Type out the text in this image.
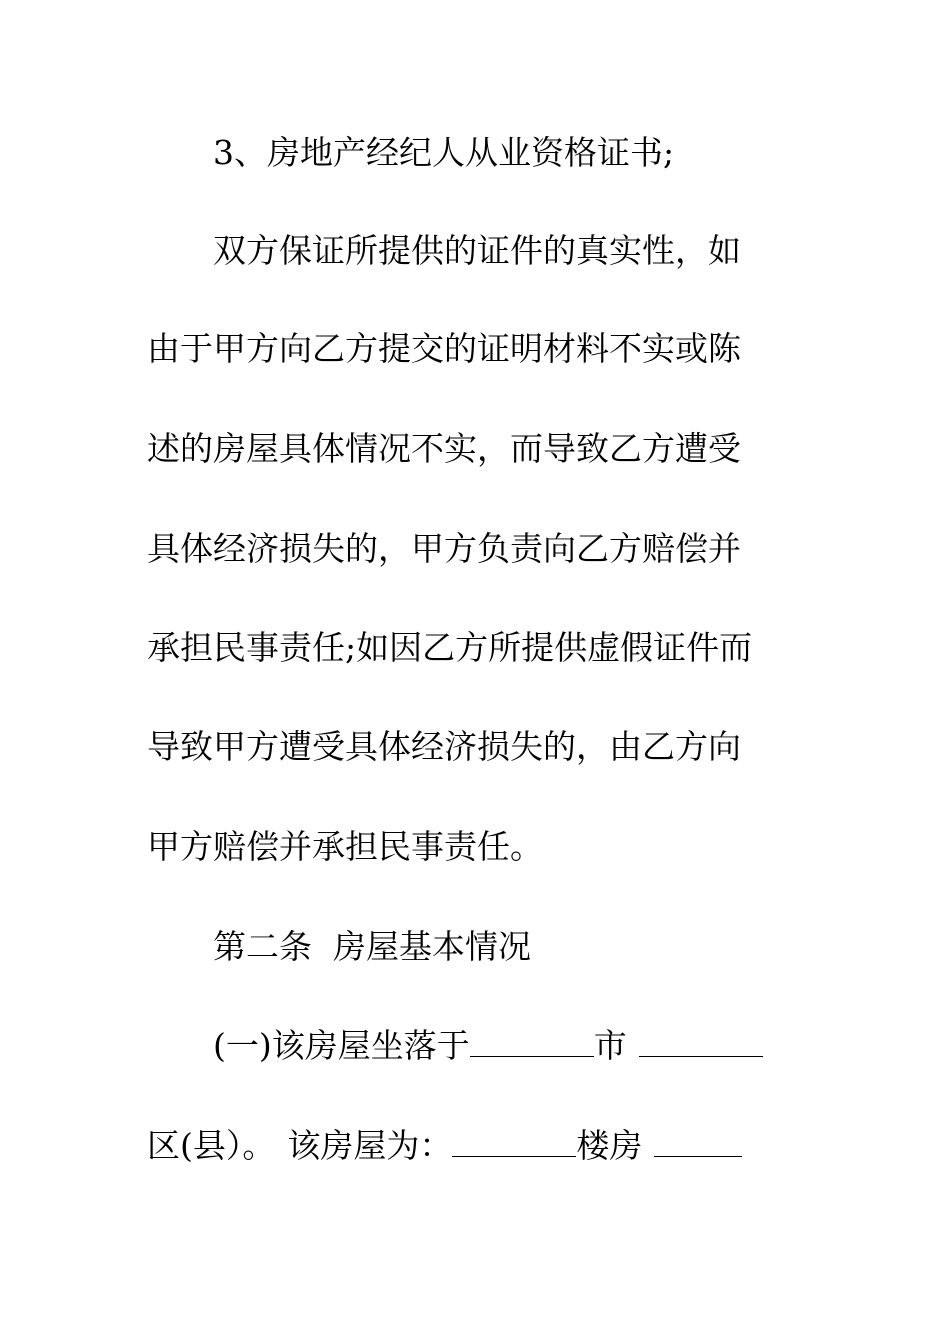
3、房地产经纪人从业资格证书;
双方保证所提供的证件的真实性，如
由于甲方向乙方提交的证明材料不实或陈
述的房屋具体情况不实，而导致乙方遭受
具体经济损失的，甲方负责向乙方赔偿并
承担民事责任;如因乙方所提供虚假证件而
导致甲方遭受具体经济损失的，由乙方向
甲方赔偿并承担民事责任。
第二条  房屋基本情况
(一)该房屋坐落于	市
区(县）。 该房屋为：	楼房
